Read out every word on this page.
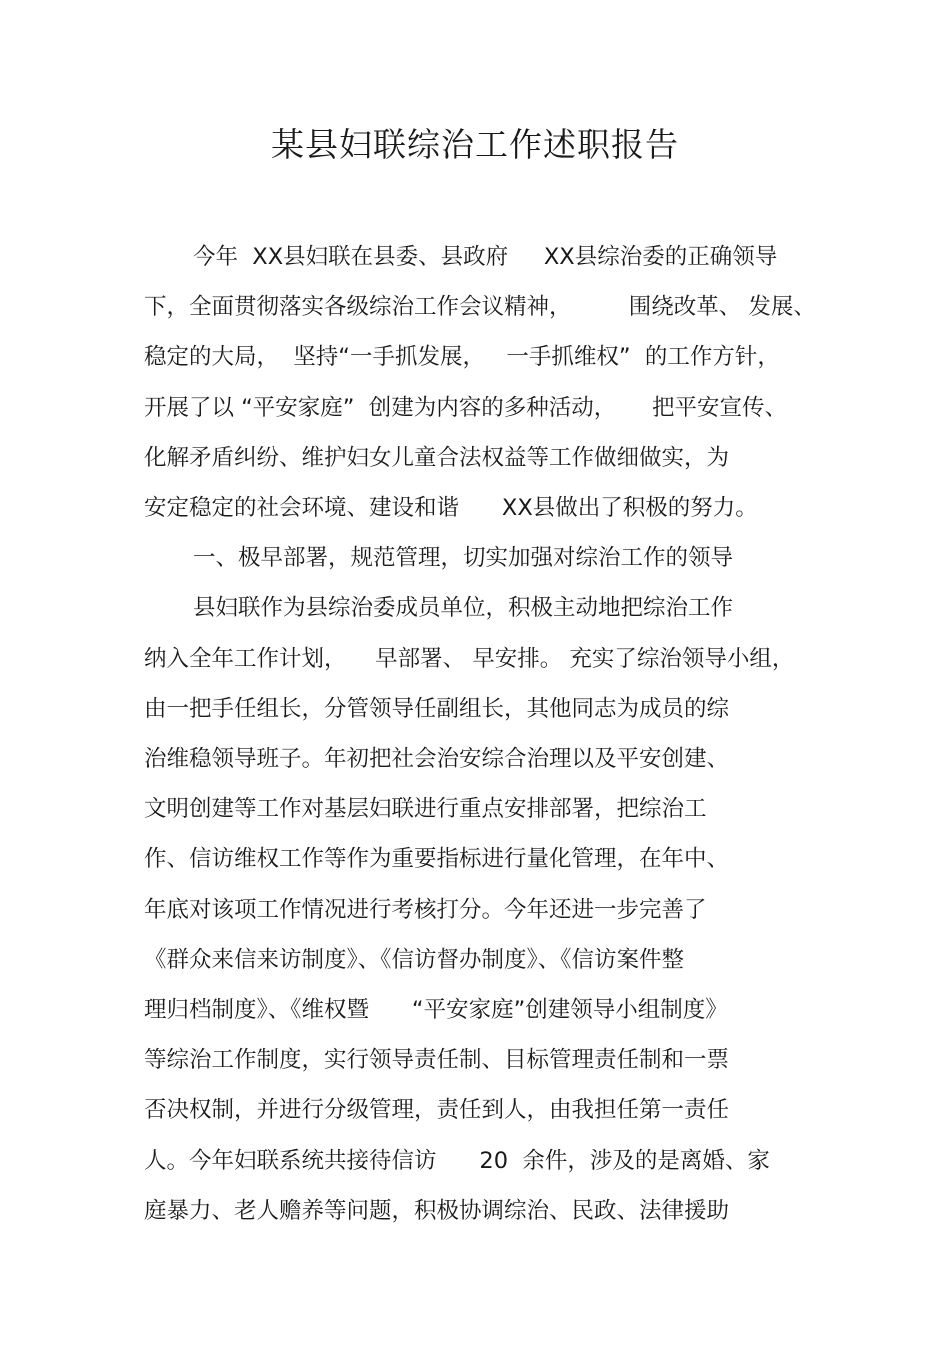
某县妇联综治工作述职报告
今年  XX县妇联在县委、县政府     XX县综治委的正确领导
下，全面贯彻落实各级综治工作会议精神，        围绕改革、 发展、
稳定的大局，  坚持“一手抓发展，   一手抓维权”  的工作方针，
开展了以 “平安家庭”  创建为内容的多种活动，     把平安宣传、
化解矛盾纠纷、维护妇女儿童合法权益等工作做细做实，为
安定稳定的社会环境、建设和谐      XX县做出了积极的努力。
一、极早部署，规范管理，切实加强对综治工作的领导
县妇联作为县综治委成员单位，积极主动地把综治工作
纳入全年工作计划，    早部署、 早安排。 充实了综治领导小组，
由一把手任组长，分管领导任副组长，其他同志为成员的综
治维稳领导班子。年初把社会治安综合治理以及平安创建、
文明创建等工作对基层妇联进行重点安排部署，把综治工
作、信访维权工作等作为重要指标进行量化管理，在年中、
年底对该项工作情况进行考核打分。今年还进一步完善了
《群众来信来访制度》、《信访督办制度》、《信访案件整
理归档制度》、《维权暨      “平安家庭”创建领导小组制度》
等综治工作制度，实行领导责任制、目标管理责任制和一票
否决权制，并进行分级管理，责任到人，由我担任第一责任
人。今年妇联系统共接待信访      20  余件，涉及的是离婚、家
庭暴力、老人赡养等问题，积极协调综治、民政、法律援助
